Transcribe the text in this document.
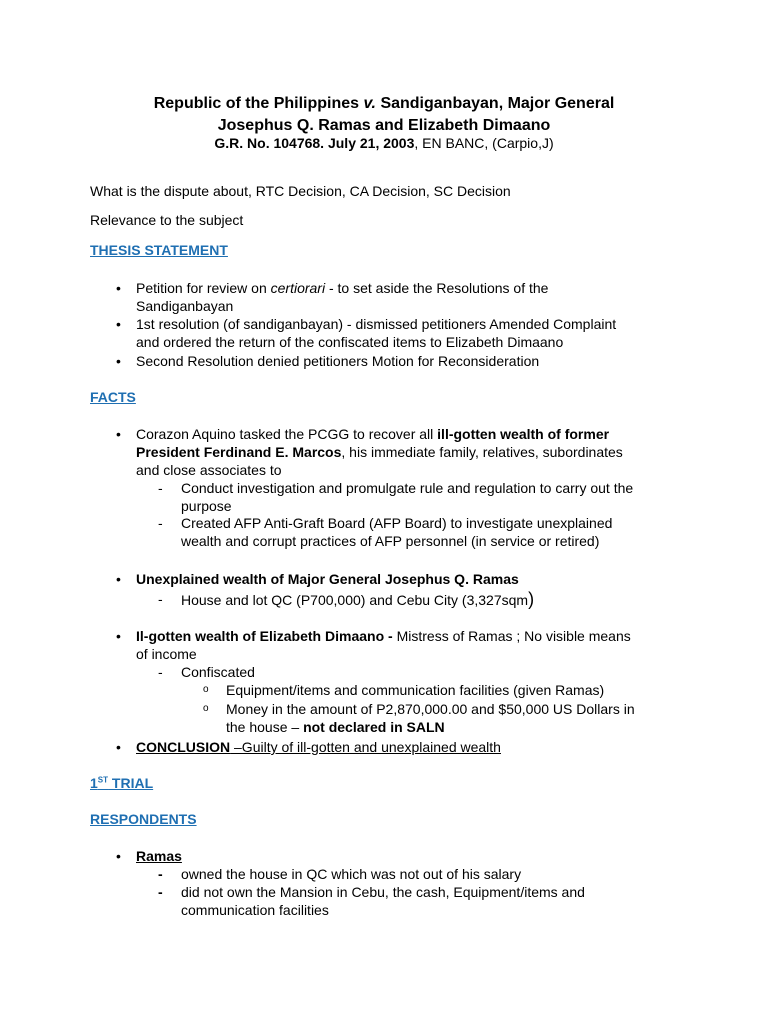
Republic of the Philippines v. Sandiganbayan, Major General
Josephus Q. Ramas and Elizabeth Dimaano
G.R. No. 104768. July 21, 2003, EN BANC, (Carpio,J)
What is the dispute about, RTC Decision, CA Decision, SC Decision
Relevance to the subject
THESIS STATEMENT
• Petition for review on certiorari - to set aside the Resolutions of the
Sandiganbayan
• 1st resolution (of sandiganbayan) - dismissed petitioners Amended Complaint
and ordered the return of the confiscated items to Elizabeth Dimaano
• Second Resolution denied petitioners Motion for Reconsideration
FACTS
• Corazon Aquino tasked the PCGG to recover all ill-gotten wealth of former
President Ferdinand E. Marcos, his immediate family, relatives, subordinates
and close associates to
- Conduct investigation and promulgate rule and regulation to carry out the
purpose
- Created AFP Anti-Graft Board (AFP Board) to investigate unexplained
wealth and corrupt practices of AFP personnel (in service or retired)
• Unexplained wealth of Major General Josephus Q. Ramas
- House and lot QC (P700,000) and Cebu City (3,327sqm)
• Il-gotten wealth of Elizabeth Dimaano - Mistress of Ramas ; No visible means
of income
- Confiscated
o Equipment/items and communication facilities (given Ramas)
o Money in the amount of P2,870,000.00 and $50,000 US Dollars in
the house – not declared in SALN
• CONCLUSION –Guilty of ill-gotten and unexplained wealth
1ST TRIAL
RESPONDENTS
• Ramas
- owned the house in QC which was not out of his salary
- did not own the Mansion in Cebu, the cash, Equipment/items and
communication facilities
